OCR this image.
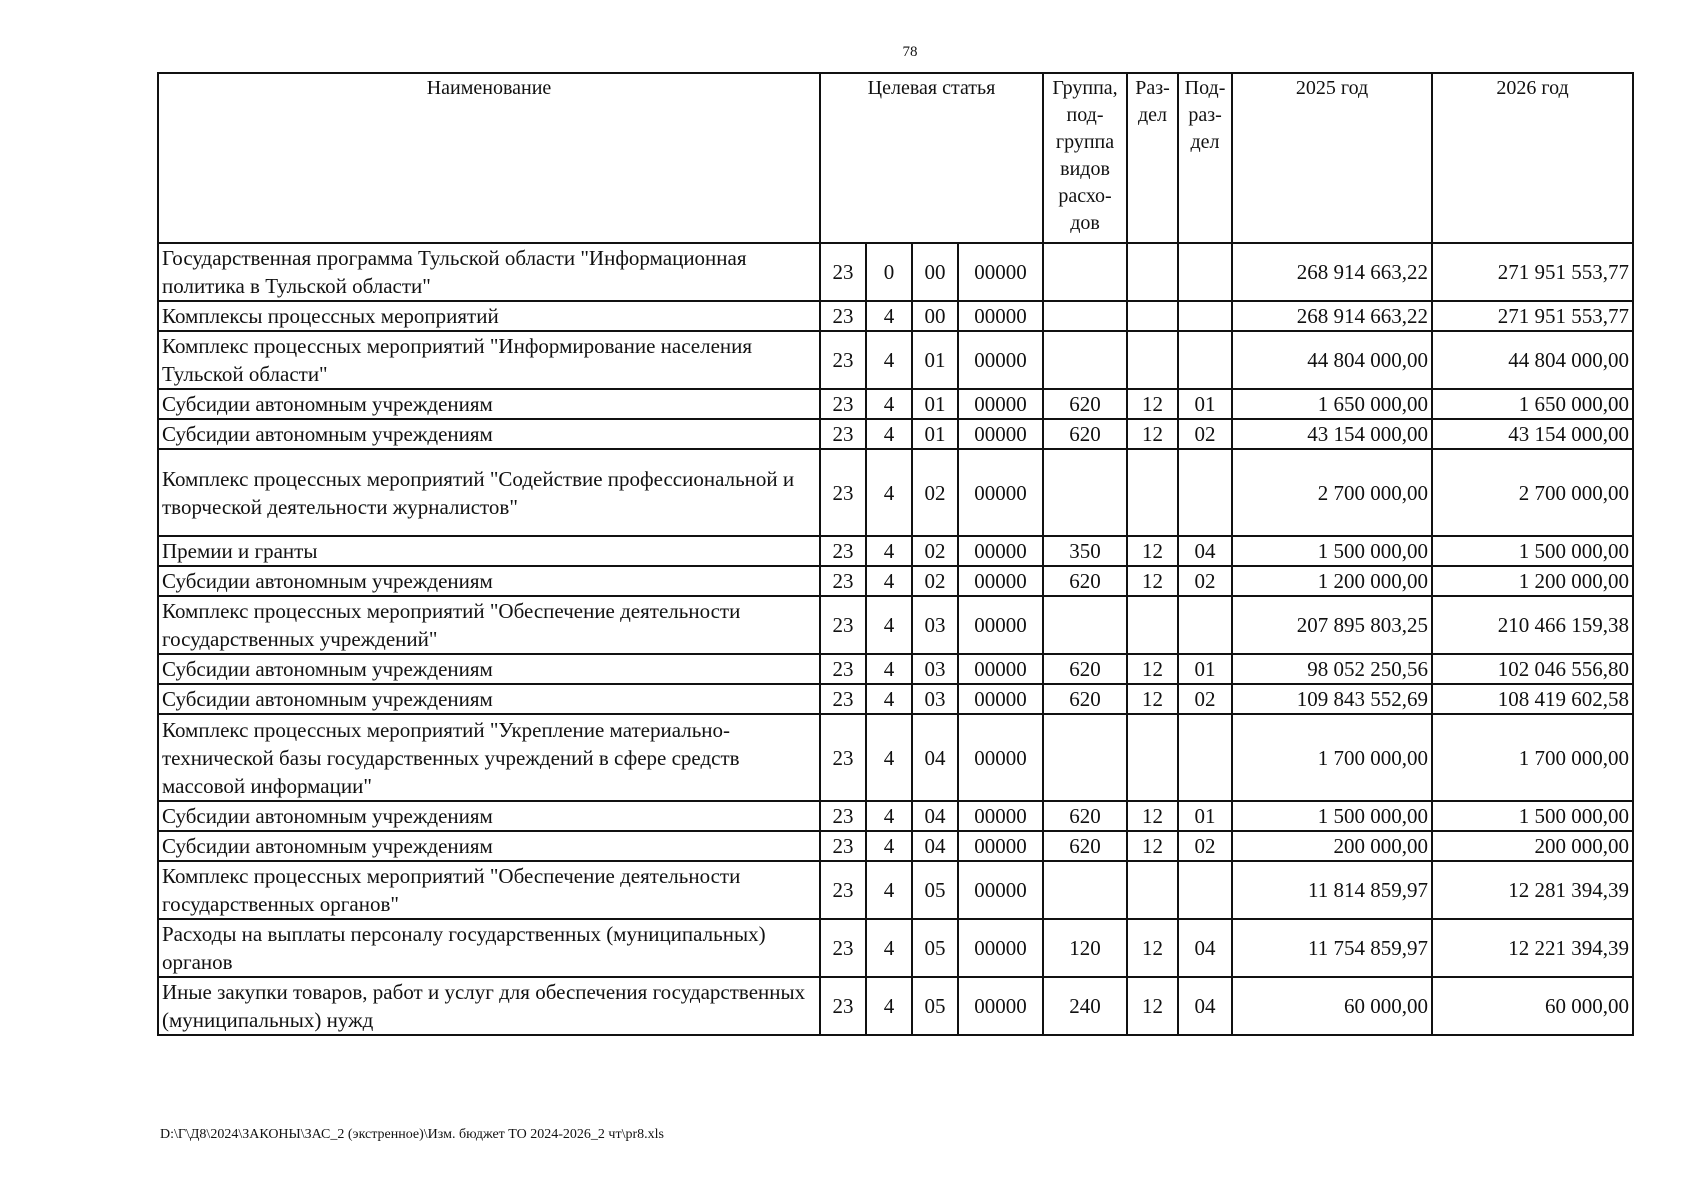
78
Наименование	Целевая статья				Группа, под-группа видов расхо-дов	Раз-дел	Под-раз-дел	2025 год	2026 год
Государственная программа Тульской области "Информационная политика в Тульской области"	23	0	00	00000				268 914 663,22	271 951 553,77
Комплексы процессных мероприятий	23	4	00	00000				268 914 663,22	271 951 553,77
Комплекс процессных мероприятий "Информирование населения Тульской области"	23	4	01	00000				44 804 000,00	44 804 000,00
Субсидии автономным учреждениям	23	4	01	00000	620	12	01	1 650 000,00	1 650 000,00
Субсидии автономным учреждениям	23	4	01	00000	620	12	02	43 154 000,00	43 154 000,00
Комплекс процессных мероприятий "Содействие профессиональной и творческой деятельности журналистов"	23	4	02	00000				2 700 000,00	2 700 000,00
Премии и гранты	23	4	02	00000	350	12	04	1 500 000,00	1 500 000,00
Субсидии автономным учреждениям	23	4	02	00000	620	12	02	1 200 000,00	1 200 000,00
Комплекс процессных мероприятий "Обеспечение деятельности государственных учреждений"	23	4	03	00000				207 895 803,25	210 466 159,38
Субсидии автономным учреждениям	23	4	03	00000	620	12	01	98 052 250,56	102 046 556,80
Субсидии автономным учреждениям	23	4	03	00000	620	12	02	109 843 552,69	108 419 602,58
Комплекс процессных мероприятий "Укрепление материально-технической базы государственных учреждений в сфере средств массовой информации"	23	4	04	00000				1 700 000,00	1 700 000,00
Субсидии автономным учреждениям	23	4	04	00000	620	12	01	1 500 000,00	1 500 000,00
Субсидии автономным учреждениям	23	4	04	00000	620	12	02	200 000,00	200 000,00
Комплекс процессных мероприятий "Обеспечение деятельности государственных органов"	23	4	05	00000				11 814 859,97	12 281 394,39
Расходы на выплаты персоналу государственных (муниципальных) органов	23	4	05	00000	120	12	04	11 754 859,97	12 221 394,39
Иные закупки товаров, работ и услуг для обеспечения государственных (муниципальных) нужд	23	4	05	00000	240	12	04	60 000,00	60 000,00
D:\Г\Д8\2024\ЗАКОНЫ\ЗАС_2 (экстренное)\Изм. бюджет ТО 2024-2026_2 чт\pr8.xls
